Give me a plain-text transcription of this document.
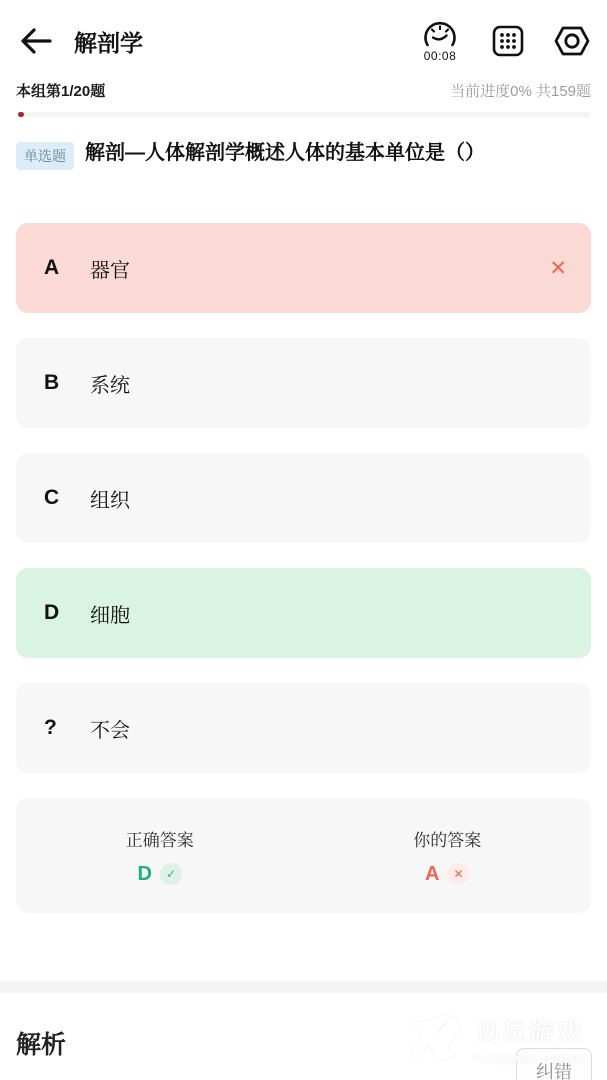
解剖学	00:08
本组第1/20题	当前进度0% 共159题
单选题 解剖—人体解剖学概述人体的基本单位是（）
A	器官	✕
B	系统
C	组织
D	细胞
?	不会
正确答案
D	✓
你的答案
A	✕
解析
纠错
仍玩游戏
Rengwan Games
